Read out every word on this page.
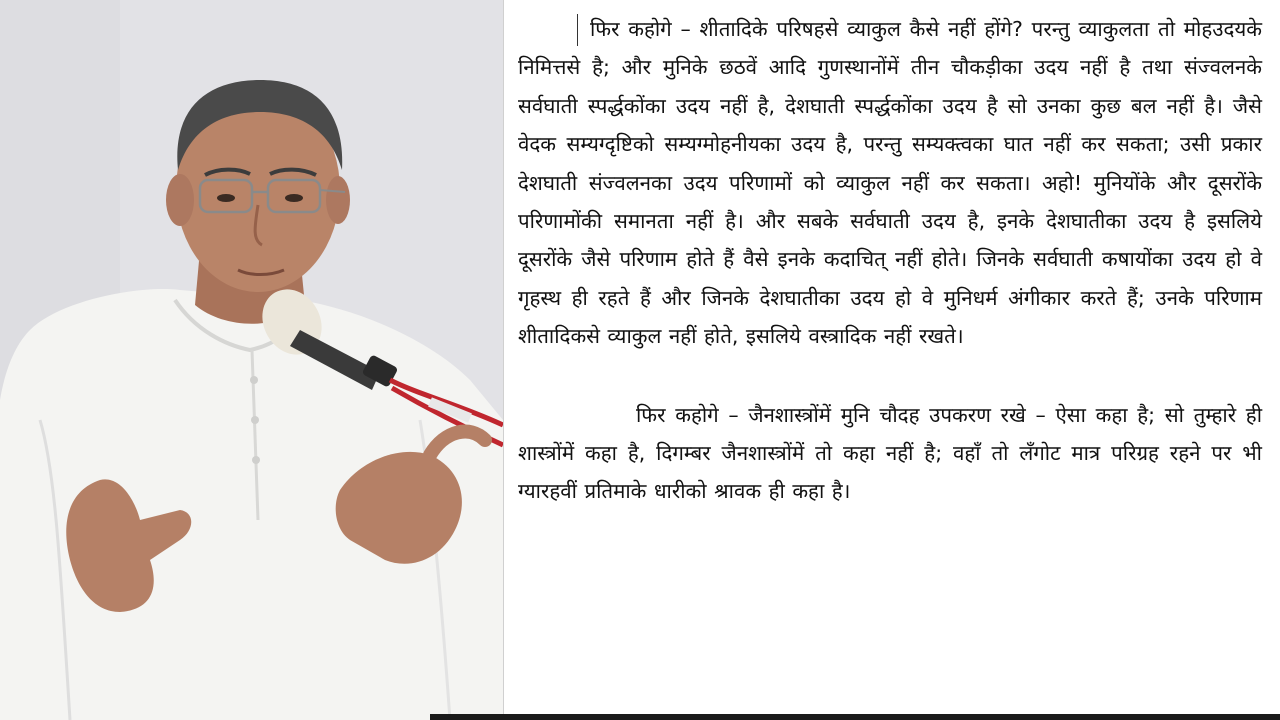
फिर कहोगे – शीतादिके परिषहसे व्याकुल कैसे नहीं होंगे? परन्तु व्याकुलता तो मोहउदयके निमित्तसे है; और मुनिके छठवें आदि गुणस्थानोंमें तीन चौकड़ीका उदय नहीं है तथा संज्वलनके सर्वघाती स्पर्द्धकोंका उदय नहीं है, देशघाती स्पर्द्धकोंका उदय है सो उनका कुछ बल नहीं है। जैसे वेदक सम्यग्दृष्टिको सम्यग्मोहनीयका उदय है, परन्तु सम्यक्त्वका घात नहीं कर सकता; उसी प्रकार देशघाती संज्वलनका उदय परिणामों को व्याकुल नहीं कर सकता। अहो! मुनियोंके और दूसरोंके परिणामोंकी समानता नहीं है। और सबके सर्वघाती उदय है, इनके देशघातीका उदय है इसलिये दूसरोंके जैसे परिणाम होते हैं वैसे इनके कदाचित् नहीं होते। जिनके सर्वघाती कषायोंका उदय हो वे गृहस्थ ही रहते हैं और जिनके देशघातीका उदय हो वे मुनिधर्म अंगीकार करते हैं; उनके परिणाम शीतादिकसे व्याकुल नहीं होते, इसलिये वस्त्रादिक नहीं रखते।

फिर कहोगे – जैनशास्त्रोंमें मुनि चौदह उपकरण रखे – ऐसा कहा है; सो तुम्हारे ही शास्त्रोंमें कहा है, दिगम्बर जैनशास्त्रोंमें तो कहा नहीं है; वहाँ तो लँगोट मात्र परिग्रह रहने पर भी ग्यारहवीं प्रतिमाके धारीको श्रावक ही कहा है।
